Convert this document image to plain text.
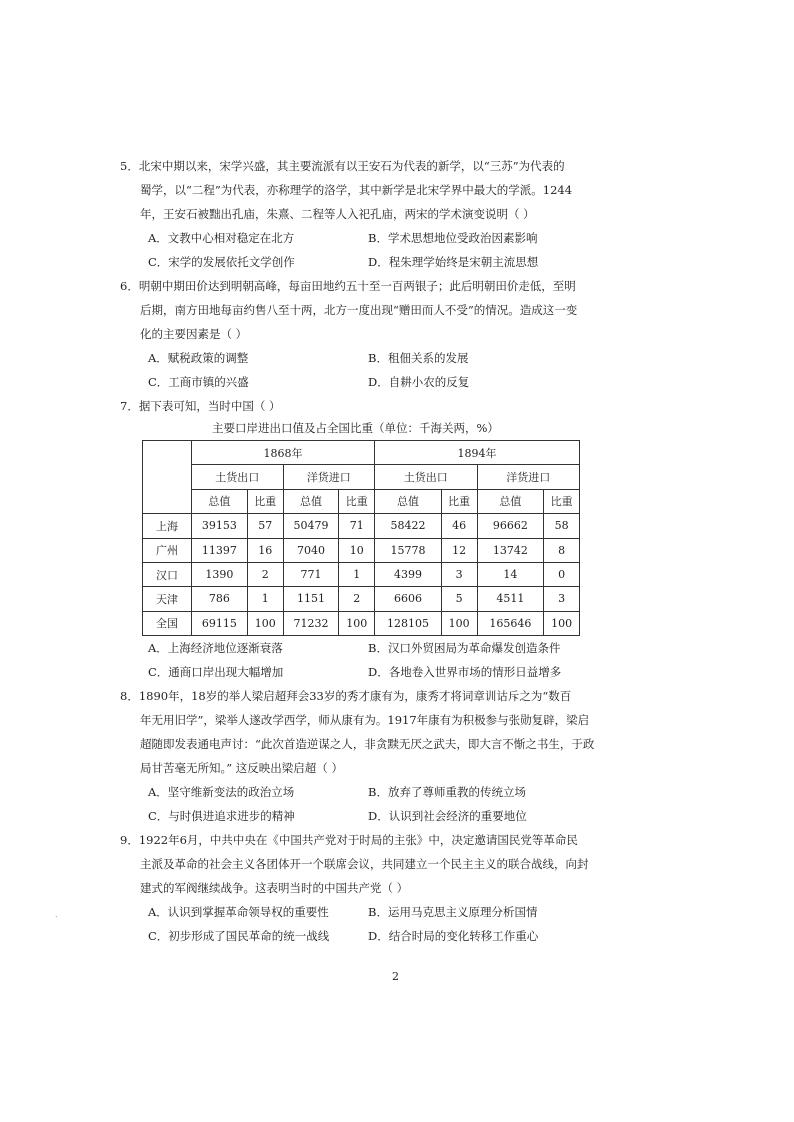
5．北宋中期以来，宋学兴盛，其主要流派有以王安石为代表的新学，以“三苏”为代表的
蜀学，以“二程”为代表，亦称理学的洛学，其中新学是北宋学界中最大的学派。1244
年，王安石被黜出孔庙，朱熹、二程等人入祀孔庙，两宋的学术演变说明（ ）
A．文教中心相对稳定在北方	B．学术思想地位受政治因素影响
C．宋学的发展依托文学创作	D．程朱理学始终是宋朝主流思想
6．明朝中期田价达到明朝高峰，每亩田地约五十至一百两银子；此后明朝田价走低，至明
后期，南方田地每亩约售八至十两，北方一度出现“赠田而人不受”的情况。造成这一变
化的主要因素是（ ）
A．赋税政策的调整	B．租佃关系的发展
C．工商市镇的兴盛	D．自耕小农的反复
7．据下表可知，当时中国（ ）
主要口岸进出口值及占全国比重（单位：千海关两，%）
	1868年				1894年			
	土货出口		洋货进口		土货出口		洋货进口	
	总值	比重	总值	比重	总值	比重	总值	比重
上海	39153	57	50479	71	58422	46	96662	58
广州	11397	16	7040	10	15778	12	13742	8
汉口	1390	2	771	1	4399	3	14	0
天津	786	1	1151	2	6606	5	4511	3
全国	69115	100	71232	100	128105	100	165646	100
A．上海经济地位逐渐衰落	B．汉口外贸困局为革命爆发创造条件
C．通商口岸出现大幅增加	D．各地卷入世界市场的情形日益增多
8．1890年，18岁的举人梁启超拜会33岁的秀才康有为，康秀才将词章训诂斥之为“数百
年无用旧学”，梁举人遂改学西学，师从康有为。1917年康有为积极参与张勋复辟，梁启
超随即发表通电声讨：“此次首造逆谋之人，非贪黩无厌之武夫，即大言不惭之书生，于政
局甘苦毫无所知。” 这反映出梁启超（ ）
A．坚守维新变法的政治立场	B．放弃了尊师重教的传统立场
C．与时俱进追求进步的精神	D．认识到社会经济的重要地位
9．1922年6月，中共中央在《中国共产党对于时局的主张》中，决定邀请国民党等革命民
主派及革命的社会主义各团体开一个联席会议，共同建立一个民主主义的联合战线，向封
建式的军阀继续战争。这表明当时的中国共产党（ ）
A．认识到掌握革命领导权的重要性	B．运用马克思主义原理分析国情
C．初步形成了国民革命的统一战线	D．结合时局的变化转移工作重心
.
2
